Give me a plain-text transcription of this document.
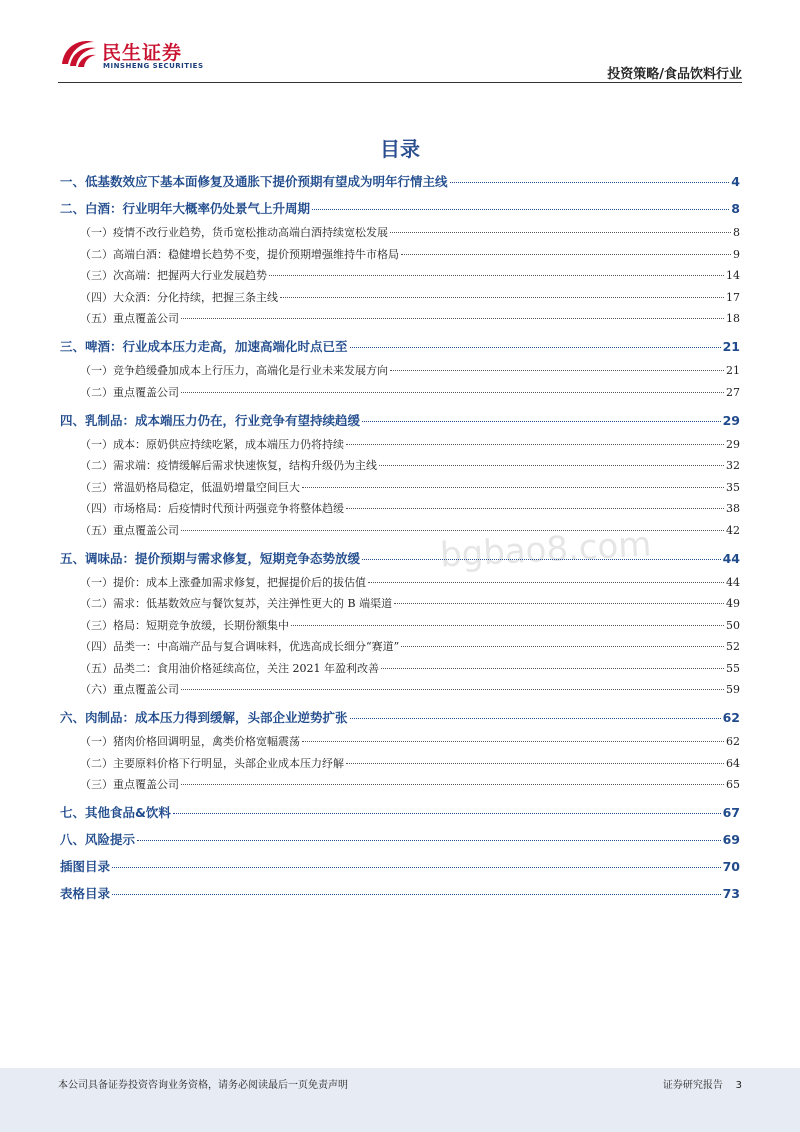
民生证券
MINSHENG SECURITIES
投资策略/食品饮料行业
目录
bgbao8.com
一、低基数效应下基本面修复及通胀下提价预期有望成为明年行情主线	4
二、白酒：行业明年大概率仍处景气上升周期	8
（一）疫情不改行业趋势，货币宽松推动高端白酒持续宽松发展	8
（二）高端白酒：稳健增长趋势不变，提价预期增强维持牛市格局	9
（三）次高端：把握两大行业发展趋势	14
（四）大众酒：分化持续，把握三条主线	17
（五）重点覆盖公司	18
三、啤酒：行业成本压力走高，加速高端化时点已至	21
（一）竞争趋缓叠加成本上行压力，高端化是行业未来发展方向	21
（二）重点覆盖公司	27
四、乳制品：成本端压力仍在，行业竞争有望持续趋缓	29
（一）成本：原奶供应持续吃紧，成本端压力仍将持续	29
（二）需求端：疫情缓解后需求快速恢复，结构升级仍为主线	32
（三）常温奶格局稳定，低温奶增量空间巨大	35
（四）市场格局：后疫情时代预计两强竞争将整体趋缓	38
（五）重点覆盖公司	42
五、调味品：提价预期与需求修复，短期竞争态势放缓	44
（一）提价：成本上涨叠加需求修复，把握提价后的拔估值	44
（二）需求：低基数效应与餐饮复苏，关注弹性更大的 B 端渠道	49
（三）格局：短期竞争放缓，长期份额集中	50
（四）品类一：中高端产品与复合调味料，优选高成长细分“赛道”	52
（五）品类二：食用油价格延续高位，关注 2021 年盈利改善	55
（六）重点覆盖公司	59
六、肉制品：成本压力得到缓解，头部企业逆势扩张	62
（一）猪肉价格回调明显，禽类价格宽幅震荡	62
（二）主要原料价格下行明显，头部企业成本压力纾解	64
（三）重点覆盖公司	65
七、其他食品&饮料	67
八、风险提示	69
插图目录	70
表格目录	73
本公司具备证券投资咨询业务资格，请务必阅读最后一页免责声明	证券研究报告 3
